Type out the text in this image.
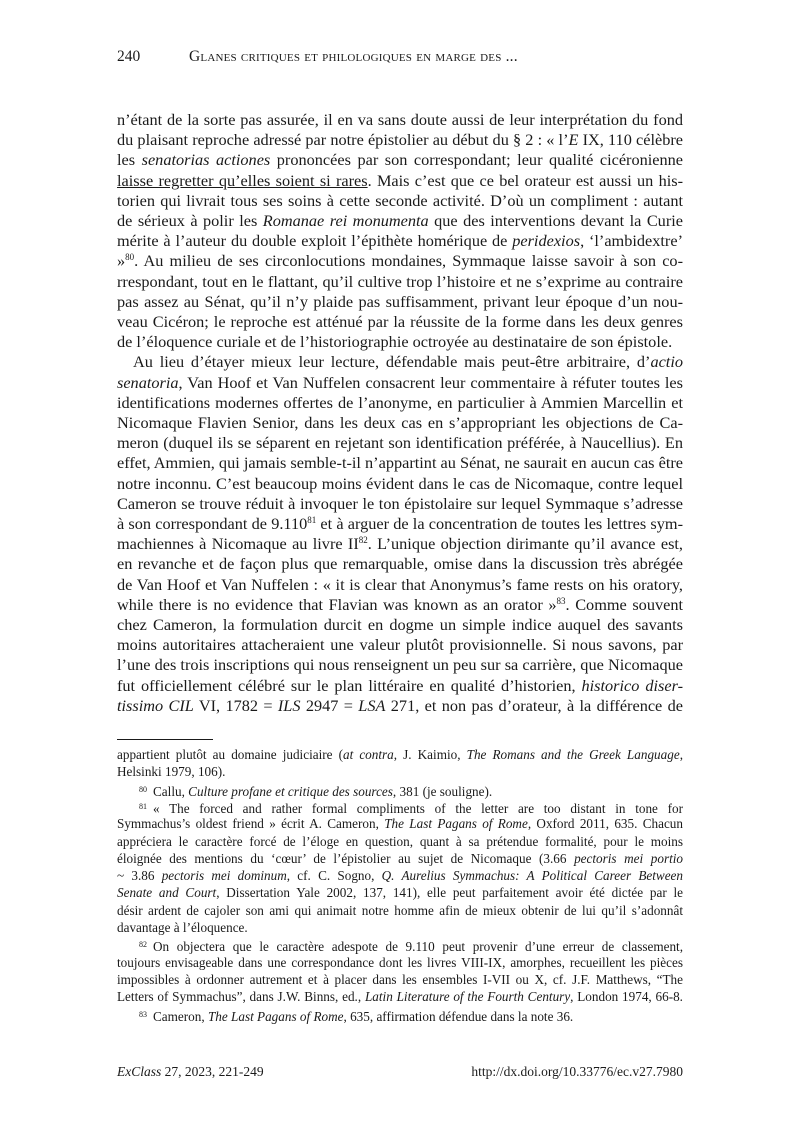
240	Glanes critiques et philologiques en marge des ...
n’étant de la sorte pas assurée, il en va sans doute aussi de leur interprétation du fond
du plaisant reproche adressé par notre épistolier au début du § 2 : « l’E IX, 110 célèbre
les senatorias actiones prononcées par son correspondant; leur qualité cicéronienne
laisse regretter qu’elles soient si rares. Mais c’est que ce bel orateur est aussi un his-
torien qui livrait tous ses soins à cette seconde activité. D’où un compliment : autant
de sérieux à polir les Romanae rei monumenta que des interventions devant la Curie
mérite à l’auteur du double exploit l’épithète homérique de peridexios, ‘l’ambidextre’
»$^{80}$. Au milieu de ses circonlocutions mondaines, Symmaque laisse savoir à son co-
rrespondant, tout en le flattant, qu’il cultive trop l’histoire et ne s’exprime au contraire
pas assez au Sénat, qu’il n’y plaide pas suffisamment, privant leur époque d’un nou-
veau Cicéron; le reproche est atténué par la réussite de la forme dans les deux genres
de l’éloquence curiale et de l’historiographie octroyée au destinataire de son épistole.
Au lieu d’étayer mieux leur lecture, défendable mais peut-être arbitraire, d’actio
senatoria, Van Hoof et Van Nuffelen consacrent leur commentaire à réfuter toutes les
identifications modernes offertes de l’anonyme, en particulier à Ammien Marcellin et
Nicomaque Flavien Senior, dans les deux cas en s’appropriant les objections de Ca-
meron (duquel ils se séparent en rejetant son identification préférée, à Naucellius). En
effet, Ammien, qui jamais semble-t-il n’appartint au Sénat, ne saurait en aucun cas être
notre inconnu. C’est beaucoup moins évident dans le cas de Nicomaque, contre lequel
Cameron se trouve réduit à invoquer le ton épistolaire sur lequel Symmaque s’adresse
à son correspondant de 9.110$^{81}$ et à arguer de la concentration de toutes les lettres sym-
machiennes à Nicomaque au livre II$^{82}$. L’unique objection dirimante qu’il avance est,
en revanche et de façon plus que remarquable, omise dans la discussion très abrégée
de Van Hoof et Van Nuffelen : « it is clear that Anonymus’s fame rests on his oratory,
while there is no evidence that Flavian was known as an orator »$^{83}$. Comme souvent
chez Cameron, la formulation durcit en dogme un simple indice auquel des savants
moins autoritaires attacheraient une valeur plutôt provisionnelle. Si nous savons, par
l’une des trois inscriptions qui nous renseignent un peu sur sa carrière, que Nicomaque
fut officiellement célébré sur le plan littéraire en qualité d’historien, historico diser-
tissimo CIL VI, 1782 = ILS 2947 = LSA 271, et non pas d’orateur, à la différence de
appartient plutôt au domaine judiciaire (at contra, J. Kaimio, The Romans and the Greek Language,
Helsinki 1979, 106).
$^{80}$ Callu, Culture profane et critique des sources, 381 (je souligne).
$^{81}$ « The forced and rather formal compliments of the letter are too distant in tone for
Symmachus’s oldest friend » écrit A. Cameron, The Last Pagans of Rome, Oxford 2011, 635. Chacun
appréciera le caractère forcé de l’éloge en question, quant à sa prétendue formalité, pour le moins
éloignée des mentions du ‘cœur’ de l’épistolier au sujet de Nicomaque (3.66 pectoris mei portio
~ 3.86 pectoris mei dominum, cf. C. Sogno, Q. Aurelius Symmachus: A Political Career Between
Senate and Court, Dissertation Yale 2002, 137, 141), elle peut parfaitement avoir été dictée par le
désir ardent de cajoler son ami qui animait notre homme afin de mieux obtenir de lui qu’il s’adonnât
davantage à l’éloquence.
$^{82}$ On objectera que le caractère adespote de 9.110 peut provenir d’une erreur de classement,
toujours envisageable dans une correspondance dont les livres VIII-IX, amorphes, recueillent les pièces
impossibles à ordonner autrement et à placer dans les ensembles I-VII ou X, cf. J.F. Matthews, “The
Letters of Symmachus”, dans J.W. Binns, ed., Latin Literature of the Fourth Century, London 1974, 66-8.
$^{83}$ Cameron, The Last Pagans of Rome, 635, affirmation défendue dans la note 36.
ExClass 27, 2023, 221-249	http://dx.doi.org/10.33776/ec.v27.7980
